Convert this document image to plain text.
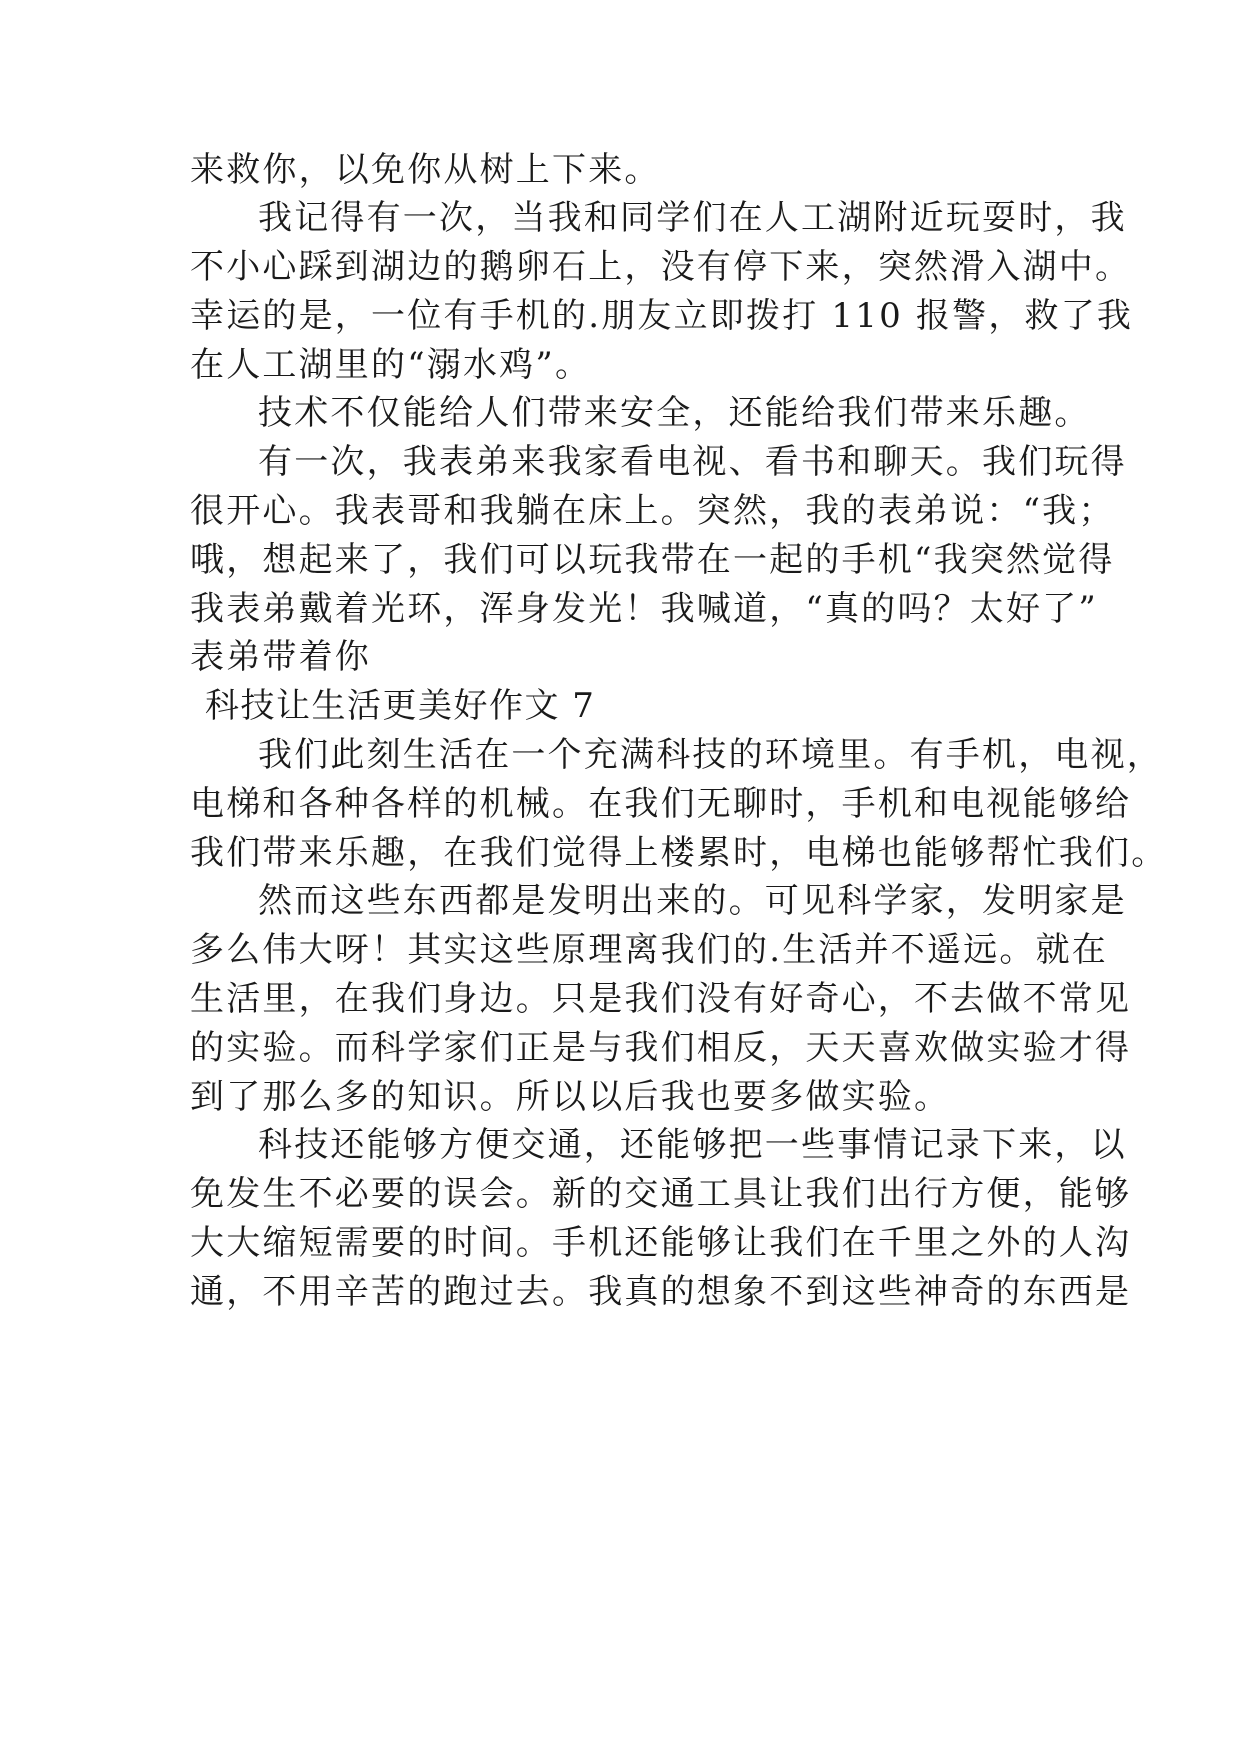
来救你，以免你从树上下来。
我记得有一次，当我和同学们在人工湖附近玩耍时，我
不小心踩到湖边的鹅卵石上，没有停下来，突然滑入湖中。
幸运的是，一位有手机的.朋友立即拨打 110 报警，救了我
在人工湖里的“溺水鸡”。
技术不仅能给人们带来安全，还能给我们带来乐趣。
有一次，我表弟来我家看电视、看书和聊天。我们玩得
很开心。我表哥和我躺在床上。突然，我的表弟说：“我；
哦，想起来了，我们可以玩我带在一起的手机“我突然觉得
我表弟戴着光环，浑身发光！我喊道，“真的吗？太好了”
表弟带着你
科技让生活更美好作文 7
我们此刻生活在一个充满科技的环境里。有手机，电视，
电梯和各种各样的机械。在我们无聊时，手机和电视能够给
我们带来乐趣，在我们觉得上楼累时，电梯也能够帮忙我们。
然而这些东西都是发明出来的。可见科学家，发明家是
多么伟大呀！其实这些原理离我们的.生活并不遥远。就在
生活里，在我们身边。只是我们没有好奇心，不去做不常见
的实验。而科学家们正是与我们相反，天天喜欢做实验才得
到了那么多的知识。所以以后我也要多做实验。
科技还能够方便交通，还能够把一些事情记录下来，以
免发生不必要的误会。新的交通工具让我们出行方便，能够
大大缩短需要的时间。手机还能够让我们在千里之外的人沟
通，不用辛苦的跑过去。我真的想象不到这些神奇的东西是
